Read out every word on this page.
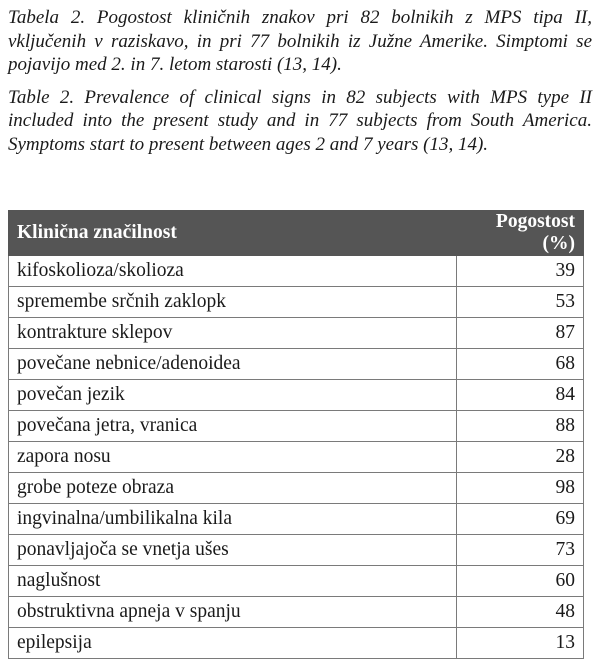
Tabela 2. Pogostost kliničnih znakov pri 82 bolnikih z MPS tipa II, vključenih v raziskavo, in pri 77 bolnikih iz Južne Amerike. Simptomi se pojavijo med 2. in 7. letom starosti (13, 14).

Table 2. Prevalence of clinical signs in 82 subjects with MPS type II included into the present study and in 77 subjects from South America. Symptoms start to present between ages 2 and 7 years (13, 14).

Klinična značilnost	Pogostost (%)
kifoskolioza/skolioza	39
spremembe srčnih zaklopk	53
kontrakture sklepov	87
povečane nebnice/adenoidea	68
povečan jezik	84
povečana jetra, vranica	88
zapora nosu	28
grobe poteze obraza	98
ingvinalna/umbilikalna kila	69
ponavljajoča se vnetja ušes	73
naglušnost	60
obstruktivna apneja v spanju	48
epilepsija	13
